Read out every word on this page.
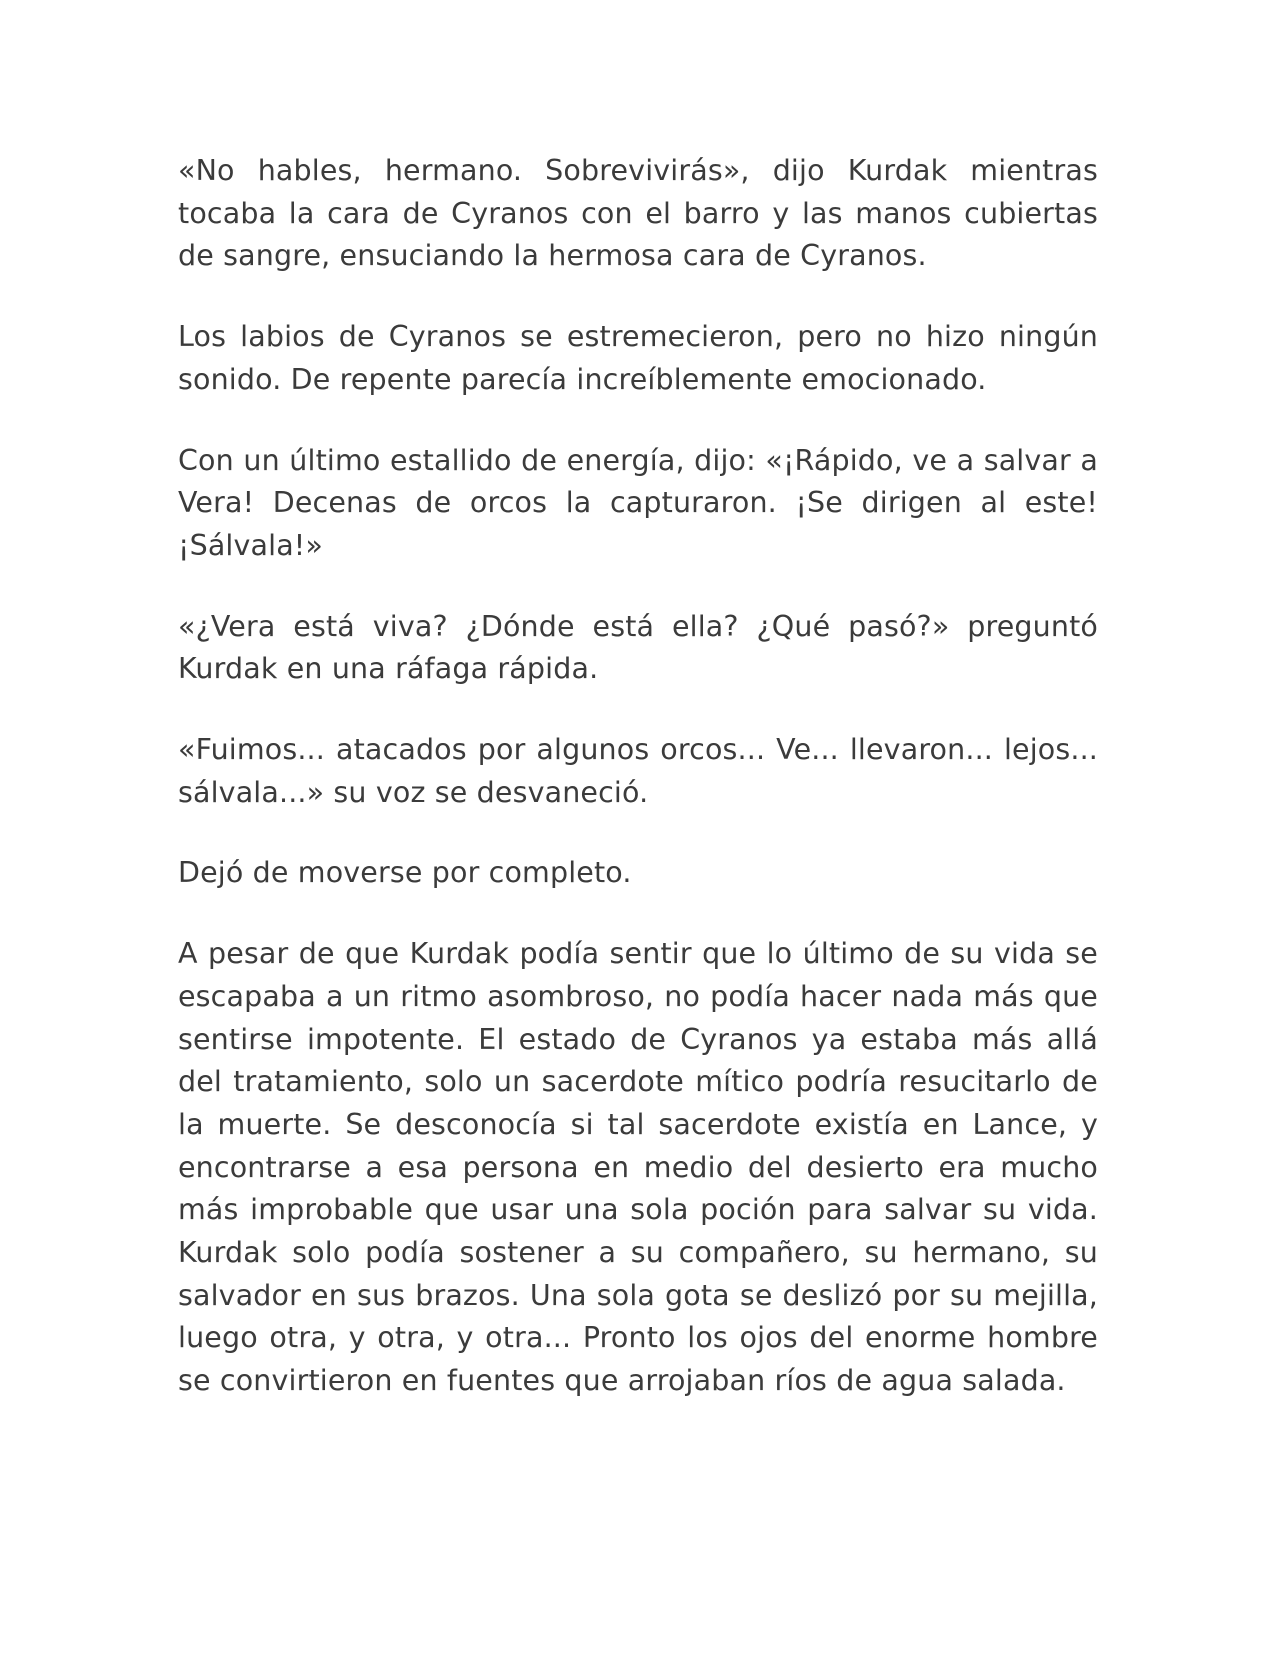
«No hables, hermano. Sobrevivirás», dijo Kurdak mientras tocaba la cara de Cyranos con el barro y las manos cubiertas de sangre, ensuciando la hermosa cara de Cyranos.

Los labios de Cyranos se estremecieron, pero no hizo ningún sonido. De repente parecía increíblemente emocionado.

Con un último estallido de energía, dijo: «¡Rápido, ve a salvar a Vera! Decenas de orcos la capturaron. ¡Se dirigen al este! ¡Sálvala!»

«¿Vera está viva? ¿Dónde está ella? ¿Qué pasó?» preguntó Kurdak en una ráfaga rápida.

«Fuimos... atacados por algunos orcos... Ve... llevaron... lejos... sálvala...» su voz se desvaneció.

Dejó de moverse por completo.

A pesar de que Kurdak podía sentir que lo último de su vida se escapaba a un ritmo asombroso, no podía hacer nada más que sentirse impotente. El estado de Cyranos ya estaba más allá del tratamiento, solo un sacerdote mítico podría resucitarlo de la muerte. Se desconocía si tal sacerdote existía en Lance, y encontrarse a esa persona en medio del desierto era mucho más improbable que usar una sola poción para salvar su vida. Kurdak solo podía sostener a su compañero, su hermano, su salvador en sus brazos. Una sola gota se deslizó por su mejilla, luego otra, y otra, y otra... Pronto los ojos del enorme hombre se convirtieron en fuentes que arrojaban ríos de agua salada.
